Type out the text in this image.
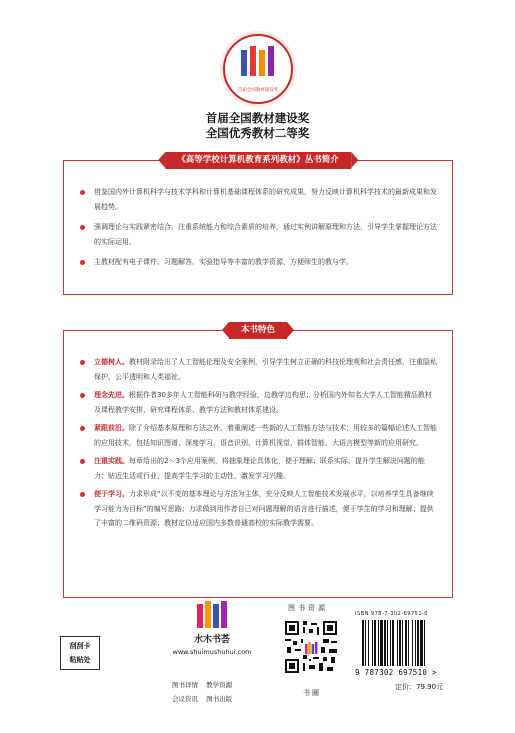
首届全国教材建设奖
首届全国教材建设奖
全国优秀教材二等奖
《高等学校计算机教育系列教材》丛书简介
借鉴国内外计算机科学与技术学科和计算机基础课程体系的研究成果，努力反映计算机科学技术的最新成果和发展趋势。
强调理论与实践紧密结合，注重系统能力和综合素质的培养，通过实例讲解原理和方法，引导学生掌握理论方法的实际运用。
主教材配有电子课件、习题解答、实验指导等丰富的教学资源，方便师生的教与学。
本书特色
立德树人。教材附录给出了人工智能伦理及安全案例，引导学生树立正确的科技伦理观和社会责任感，注重隐私保护、公平透明和人类福祉。
理念先进。根据作者30多年人工智能科研与教学经验，边教学边构思；分析国内外知名大学人工智能精品教材及课程教学安排，研究课程体系、教学方法和教材体系建设。
紧跟前沿。除了介绍基本原理和方法之外，着重阐述一些新的人工智能方法与技术；用较多的篇幅论述人工智能的应用技术，包括知识图谱、深度学习、语音识别、计算机视觉、群体智能、大语言模型等新的应用研究。
注重实践。每章给出的2～3个应用案例，将抽象理论具体化，便于理解；联系实际，提升学生解决问题的能力；贴近生活或行业，提高学生学习的主动性，激发学习兴趣。
便于学习。力求形成“以不变的基本理论与方法为主体，充分反映人工智能技术发展水平，以培养学生具备继续学习能力为目标”的编写思路；力求做到用作者自己对问题理解的语言进行描述，便于学生的学习和理解；提供了丰富的二维码资源；教材定位适应国内多数普通高校的实际教学需要。
刮刮卡
粘贴处
水木书荟
www.shuimushuhui.com
图书详情 教学资源
会议资讯 图书出版
图书资源
书圈
ISBN 978-7-302-69751-0
9 787302 697510 >
定价：79.90元
